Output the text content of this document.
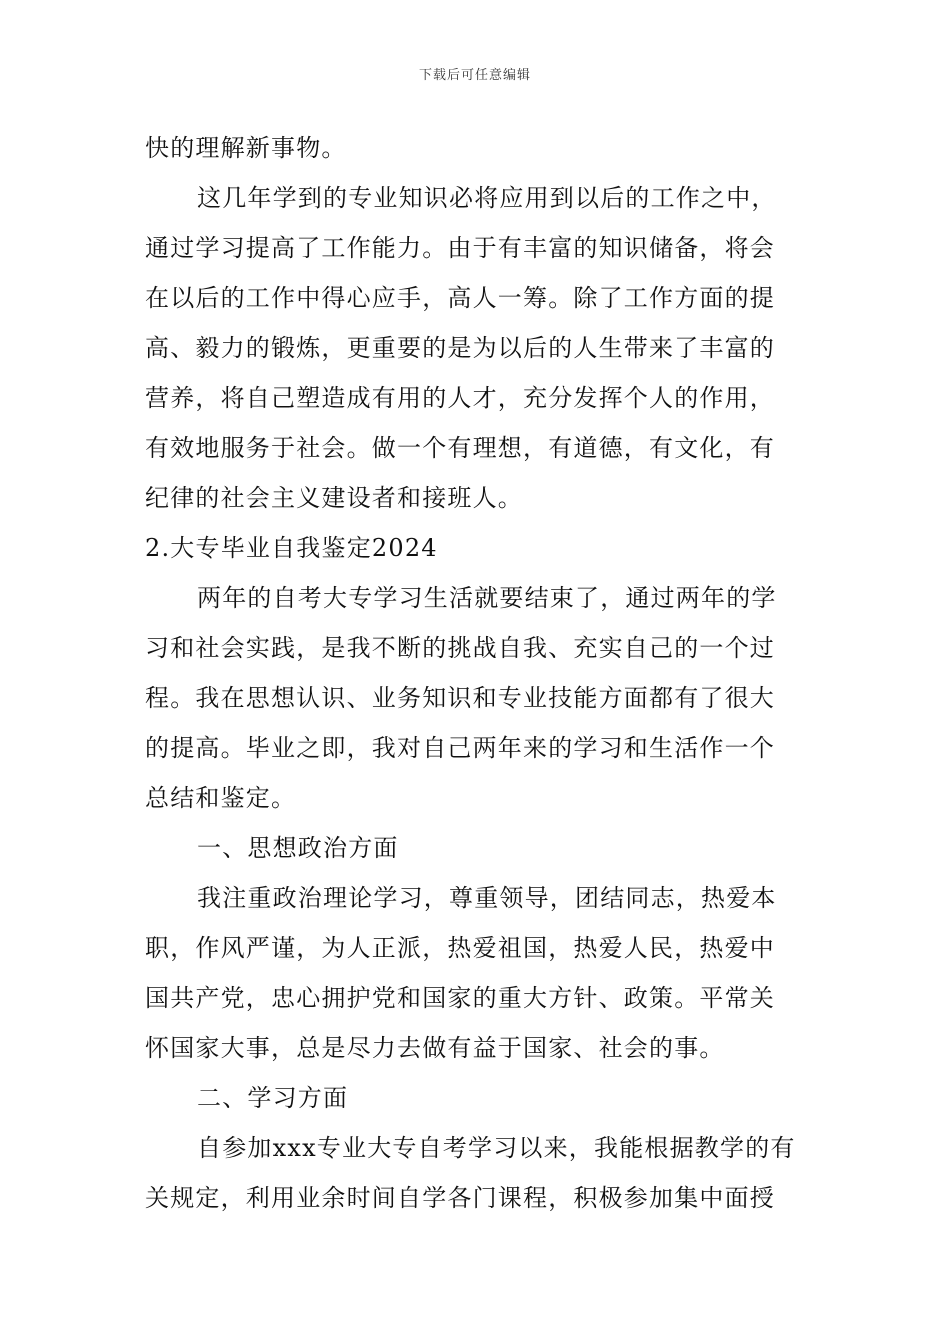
下载后可任意编辑
快的理解新事物。
这几年学到的专业知识必将应用到以后的工作之中，
通过学习提高了工作能力。由于有丰富的知识储备，将会
在以后的工作中得心应手，高人一筹。除了工作方面的提
高、毅力的锻炼，更重要的是为以后的人生带来了丰富的
营养，将自己塑造成有用的人才，充分发挥个人的作用，
有效地服务于社会。做一个有理想，有道德，有文化，有
纪律的社会主义建设者和接班人。
2.大专毕业自我鉴定2024
两年的自考大专学习生活就要结束了，通过两年的学
习和社会实践，是我不断的挑战自我、充实自己的一个过
程。我在思想认识、业务知识和专业技能方面都有了很大
的提高。毕业之即，我对自己两年来的学习和生活作一个
总结和鉴定。
一、思想政治方面
我注重政治理论学习，尊重领导，团结同志，热爱本
职，作风严谨，为人正派，热爱祖国，热爱人民，热爱中
国共产党，忠心拥护党和国家的重大方针、政策。平常关
怀国家大事，总是尽力去做有益于国家、社会的事。
二、学习方面
自参加xxx专业大专自考学习以来，我能根据教学的有
关规定，利用业余时间自学各门课程，积极参加集中面授
